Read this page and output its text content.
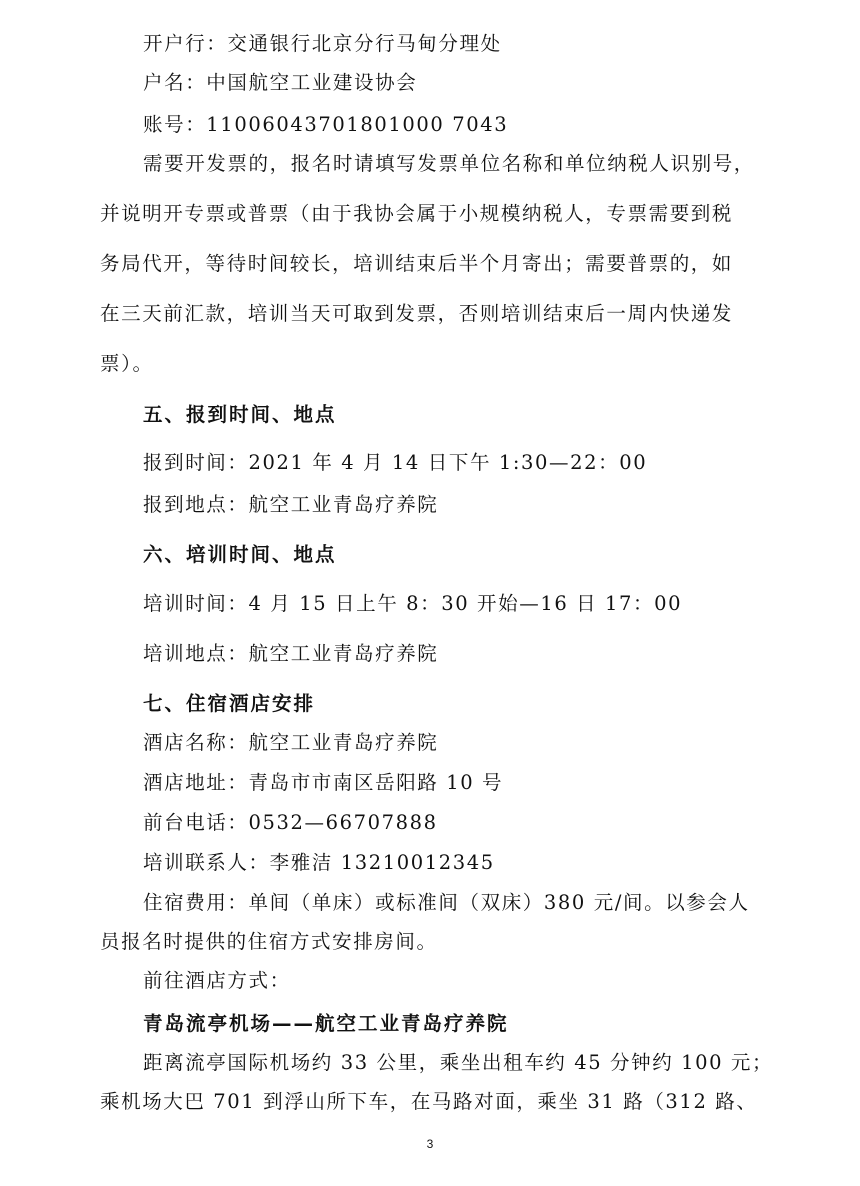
开户行：交通银行北京分行马甸分理处
户名：中国航空工业建设协会
账号：11006043701801000 7043
需要开发票的，报名时请填写发票单位名称和单位纳税人识别号，
并说明开专票或普票（由于我协会属于小规模纳税人，专票需要到税
务局代开，等待时间较长，培训结束后半个月寄出；需要普票的，如
在三天前汇款，培训当天可取到发票，否则培训结束后一周内快递发
票）。
五、报到时间、地点
报到时间：2021 年 4 月 14 日下午 1:30—22：00
报到地点：航空工业青岛疗养院
六、培训时间、地点
培训时间：4 月 15 日上午 8：30 开始—16 日 17：00
培训地点：航空工业青岛疗养院
七、住宿酒店安排
酒店名称：航空工业青岛疗养院
酒店地址：青岛市市南区岳阳路 10 号
前台电话：0532—66707888
培训联系人：李雅洁 13210012345
住宿费用：单间（单床）或标准间（双床）380 元/间。以参会人
员报名时提供的住宿方式安排房间。
前往酒店方式：
青岛流亭机场——航空工业青岛疗养院
距离流亭国际机场约 33 公里，乘坐出租车约 45 分钟约 100 元；
乘机场大巴 701 到浮山所下车，在马路对面，乘坐 31 路（312 路、
3
